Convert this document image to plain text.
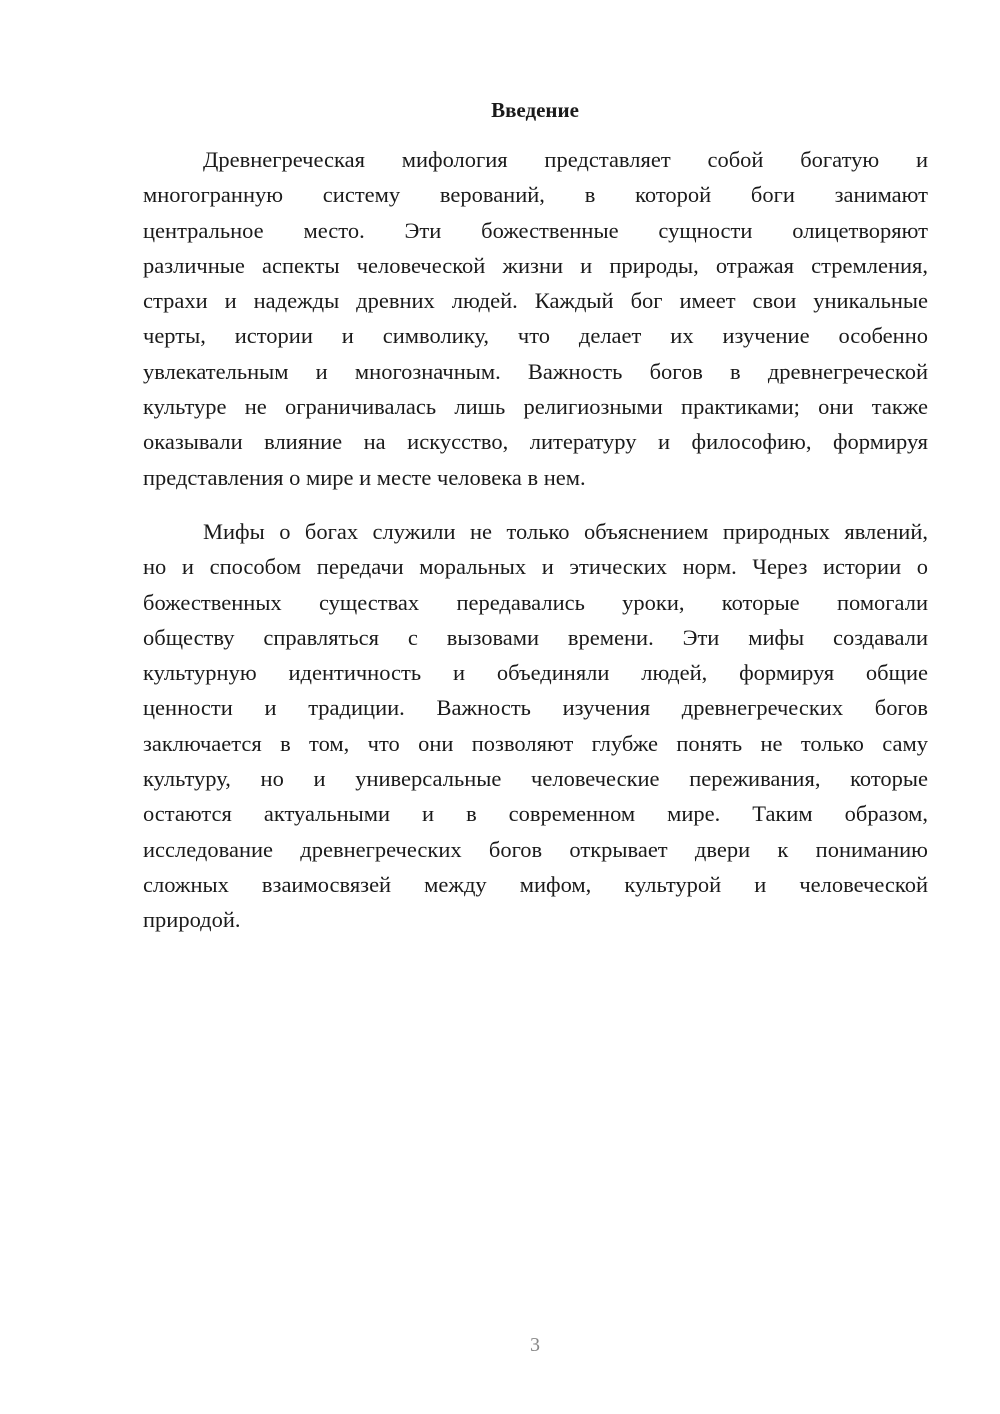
Введение
Древнегреческая мифология представляет собой богатую и
многогранную систему верований, в которой боги занимают
центральное место. Эти божественные сущности олицетворяют
различные аспекты человеческой жизни и природы, отражая стремления,
страхи и надежды древних людей. Каждый бог имеет свои уникальные
черты, истории и символику, что делает их изучение особенно
увлекательным и многозначным. Важность богов в древнегреческой
культуре не ограничивалась лишь религиозными практиками; они также
оказывали влияние на искусство, литературу и философию, формируя
представления о мире и месте человека в нем.
Мифы о богах служили не только объяснением природных явлений,
но и способом передачи моральных и этических норм. Через истории о
божественных существах передавались уроки, которые помогали
обществу справляться с вызовами времени. Эти мифы создавали
культурную идентичность и объединяли людей, формируя общие
ценности и традиции. Важность изучения древнегреческих богов
заключается в том, что они позволяют глубже понять не только саму
культуру, но и универсальные человеческие переживания, которые
остаются актуальными и в современном мире. Таким образом,
исследование древнегреческих богов открывает двери к пониманию
сложных взаимосвязей между мифом, культурой и человеческой
природой.
3
